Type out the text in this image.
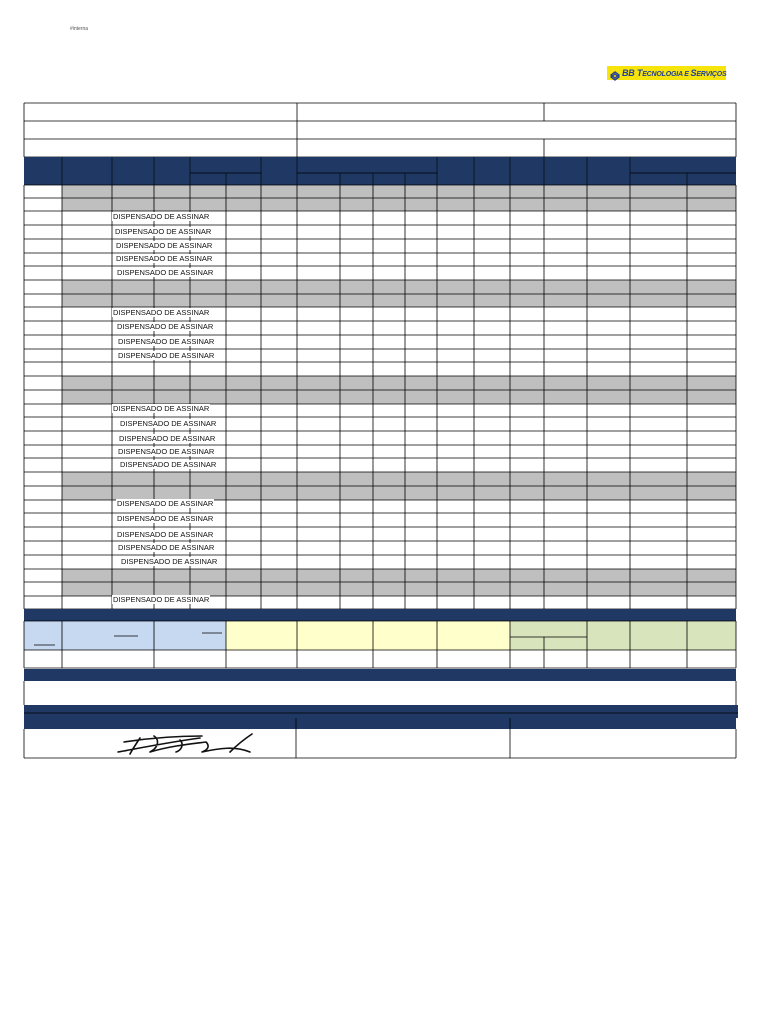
#interna
BB TECNOLOGIA E SERVIÇOS
DISPENSADO DE ASSINAR
DISPENSADO DE ASSINAR
DISPENSADO DE ASSINAR
DISPENSADO DE ASSINAR
DISPENSADO DE ASSINAR
DISPENSADO DE ASSINAR
DISPENSADO DE ASSINAR
DISPENSADO DE ASSINAR
DISPENSADO DE ASSINAR
DISPENSADO DE ASSINAR
DISPENSADO DE ASSINAR
DISPENSADO DE ASSINAR
DISPENSADO DE ASSINAR
DISPENSADO DE ASSINAR
DISPENSADO DE ASSINAR
DISPENSADO DE ASSINAR
DISPENSADO DE ASSINAR
DISPENSADO DE ASSINAR
DISPENSADO DE ASSINAR
DISPENSADO DE ASSINAR
